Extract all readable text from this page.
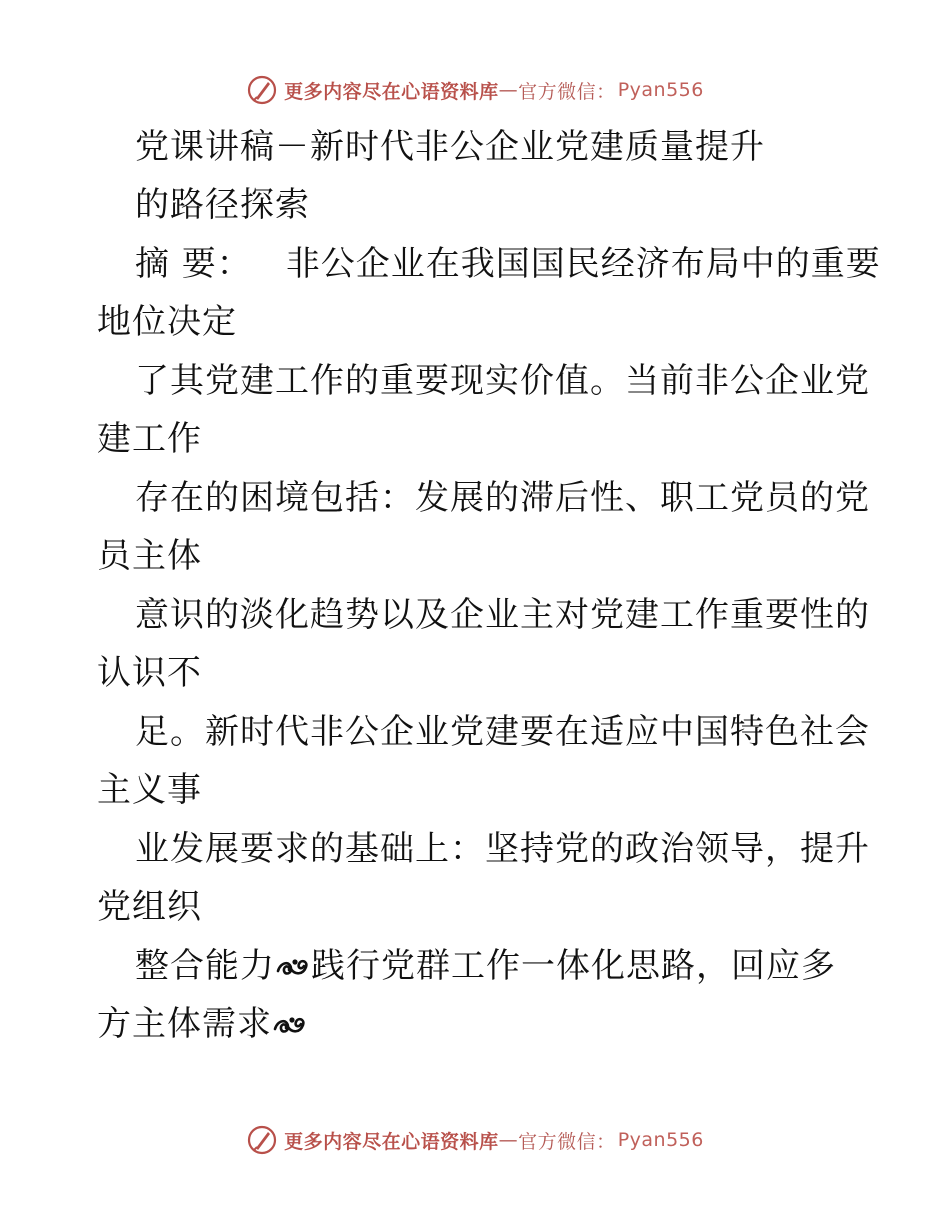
更多内容尽在心语资料库 — 官方微信： Pyan556
党课讲稿－新时代非公企业党建质量提升
的路径探索
摘 要： 非公企业在我国国民经济布局中的重要
地位决定
了其党建工作的重要现实价值。当前非公企业党
建工作
存在的困境包括：发展的滞后性、职工党员的党
员主体
意识的淡化趋势以及企业主对党建工作重要性的
认识不
足。新时代非公企业党建要在适应中国特色社会
主义事
业发展要求的基础上：坚持党的政治领导，提升
党组织
整合能力 践行党群工作一体化思路，回应多
方主体需求
更多内容尽在心语资料库 — 官方微信： Pyan556
